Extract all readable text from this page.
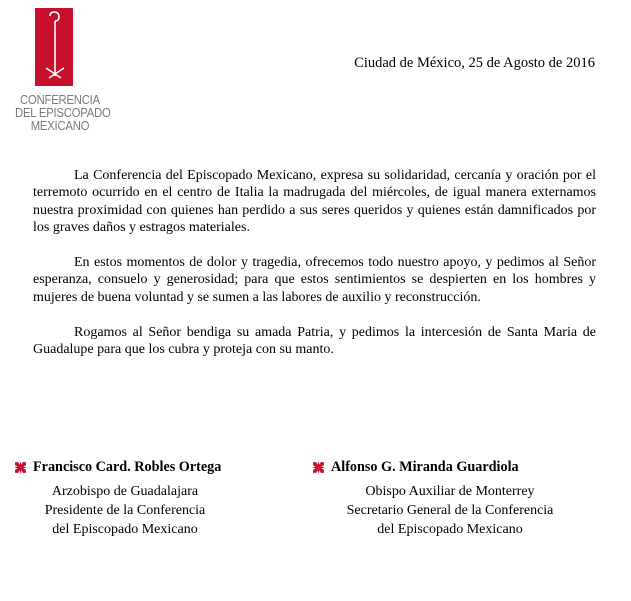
CONFERENCIA
DEL EPISCOPADO
MEXICANO
Ciudad de México, 25 de Agosto de 2016

La Conferencia del Episcopado Mexicano, expresa su solidaridad, cercanía y oración por el terremoto ocurrido en el centro de Italia la madrugada del miércoles, de igual manera externamos nuestra proximidad con quienes han perdido a sus seres queridos y quienes están damnificados por los graves daños y estragos materiales.

En estos momentos de dolor y tragedia, ofrecemos todo nuestro apoyo, y pedimos al Señor esperanza, consuelo y generosidad; para que estos sentimientos se despierten en los hombres y mujeres de buena voluntad y se sumen a las labores de auxilio y reconstrucción.

Rogamos al Señor bendiga su amada Patria, y pedimos la intercesión de Santa Maria de Guadalupe para que los cubra y proteja con su manto.

Francisco Card. Robles Ortega
Arzobispo de Guadalajara
Presidente de la Conferencia
del Episcopado Mexicano
Alfonso G. Miranda Guardiola
Obispo Auxiliar de Monterrey
Secretario General de la Conferencia
del Episcopado Mexicano
